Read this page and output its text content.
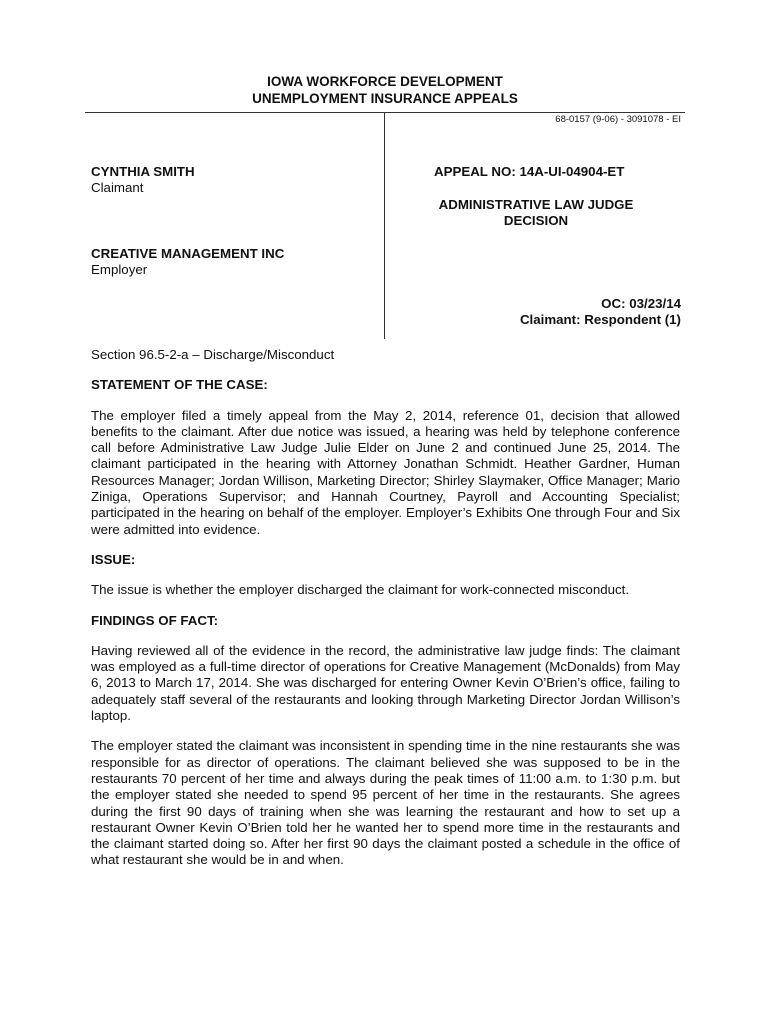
IOWA WORKFORCE DEVELOPMENT
UNEMPLOYMENT INSURANCE APPEALS
68-0157 (9-06) - 3091078 - EI
CYNTHIA SMITH
Claimant
CREATIVE MANAGEMENT INC
Employer
APPEAL NO: 14A-UI-04904-ET
ADMINISTRATIVE LAW JUDGE
DECISION
OC: 03/23/14
Claimant: Respondent (1)
Section 96.5-2-a – Discharge/Misconduct
STATEMENT OF THE CASE:
The employer filed a timely appeal from the May 2, 2014, reference 01, decision that allowed benefits to the claimant. After due notice was issued, a hearing was held by telephone conference call before Administrative Law Judge Julie Elder on June 2 and continued June 25, 2014. The claimant participated in the hearing with Attorney Jonathan Schmidt. Heather Gardner, Human Resources Manager; Jordan Willison, Marketing Director; Shirley Slaymaker, Office Manager; Mario Ziniga, Operations Supervisor; and Hannah Courtney, Payroll and Accounting Specialist; participated in the hearing on behalf of the employer. Employer’s Exhibits One through Four and Six were admitted into evidence.
ISSUE:
The issue is whether the employer discharged the claimant for work-connected misconduct.
FINDINGS OF FACT:
Having reviewed all of the evidence in the record, the administrative law judge finds: The claimant was employed as a full-time director of operations for Creative Management (McDonalds) from May 6, 2013 to March 17, 2014. She was discharged for entering Owner Kevin O’Brien’s office, failing to adequately staff several of the restaurants and looking through Marketing Director Jordan Willison’s laptop.
The employer stated the claimant was inconsistent in spending time in the nine restaurants she was responsible for as director of operations. The claimant believed she was supposed to be in the restaurants 70 percent of her time and always during the peak times of 11:00 a.m. to 1:30 p.m. but the employer stated she needed to spend 95 percent of her time in the restaurants. She agrees during the first 90 days of training when she was learning the restaurant and how to set up a restaurant Owner Kevin O’Brien told her he wanted her to spend more time in the restaurants and the claimant started doing so. After her first 90 days the claimant posted a schedule in the office of what restaurant she would be in and when.
